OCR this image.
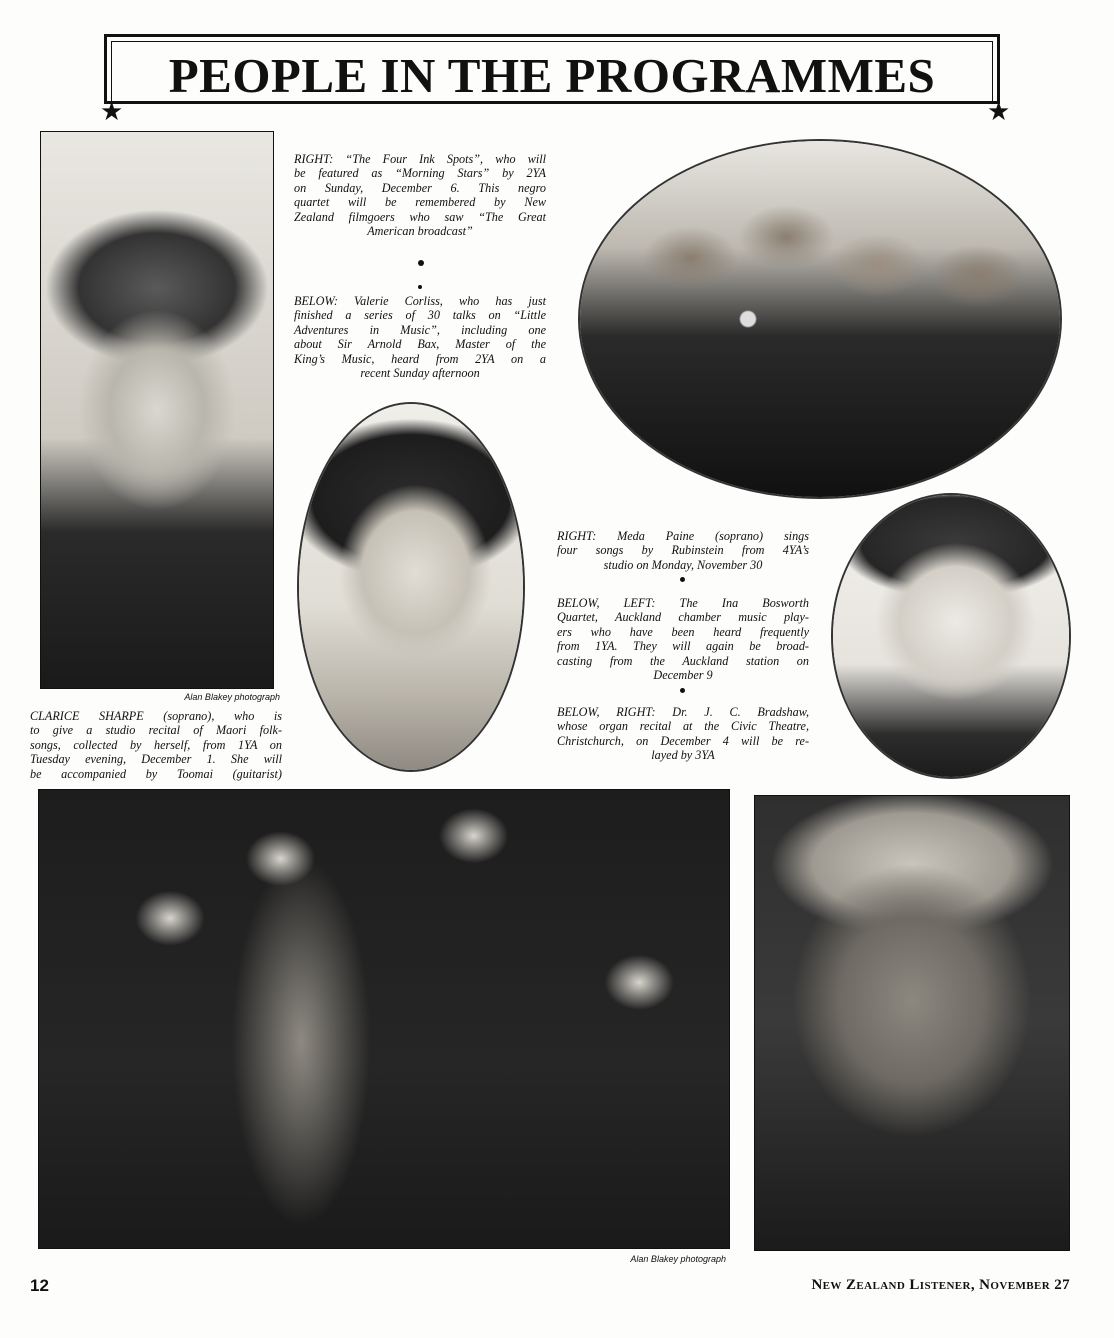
PEOPLE IN THE PROGRAMMES
★	★
RIGHT: “The Four Ink Spots”, who will
be featured as “Morning Stars” by 2YA
on Sunday, December 6. This negro
quartet will be remembered by New
Zealand filmgoers who saw “The Great
American broadcast”
BELOW: Valerie Corliss, who has just
finished a series of 30 talks on “Little
Adventures in Music”, including one
about Sir Arnold Bax, Master of the
King’s Music, heard from 2YA on a
recent Sunday afternoon
RIGHT: Meda Paine (soprano) sings
four songs by Rubinstein from 4YA’s
studio on Monday, November 30
BELOW, LEFT: The Ina Bosworth
Quartet, Auckland chamber music play-
ers who have been heard frequently
from 1YA. They will again be broad-
casting from the Auckland station on
December 9
BELOW, RIGHT: Dr. J. C. Bradshaw,
whose organ recital at the Civic Theatre,
Christchurch, on December 4 will be re-
layed by 3YA
CLARICE SHARPE (soprano), who is
to give a studio recital of Maori folk-
songs, collected by herself, from 1YA on
Tuesday evening, December 1. She will
be accompanied by Toomai (guitarist)
Alan Blakey photograph
Alan Blakey photograph
12	New Zealand Listener, November 27
